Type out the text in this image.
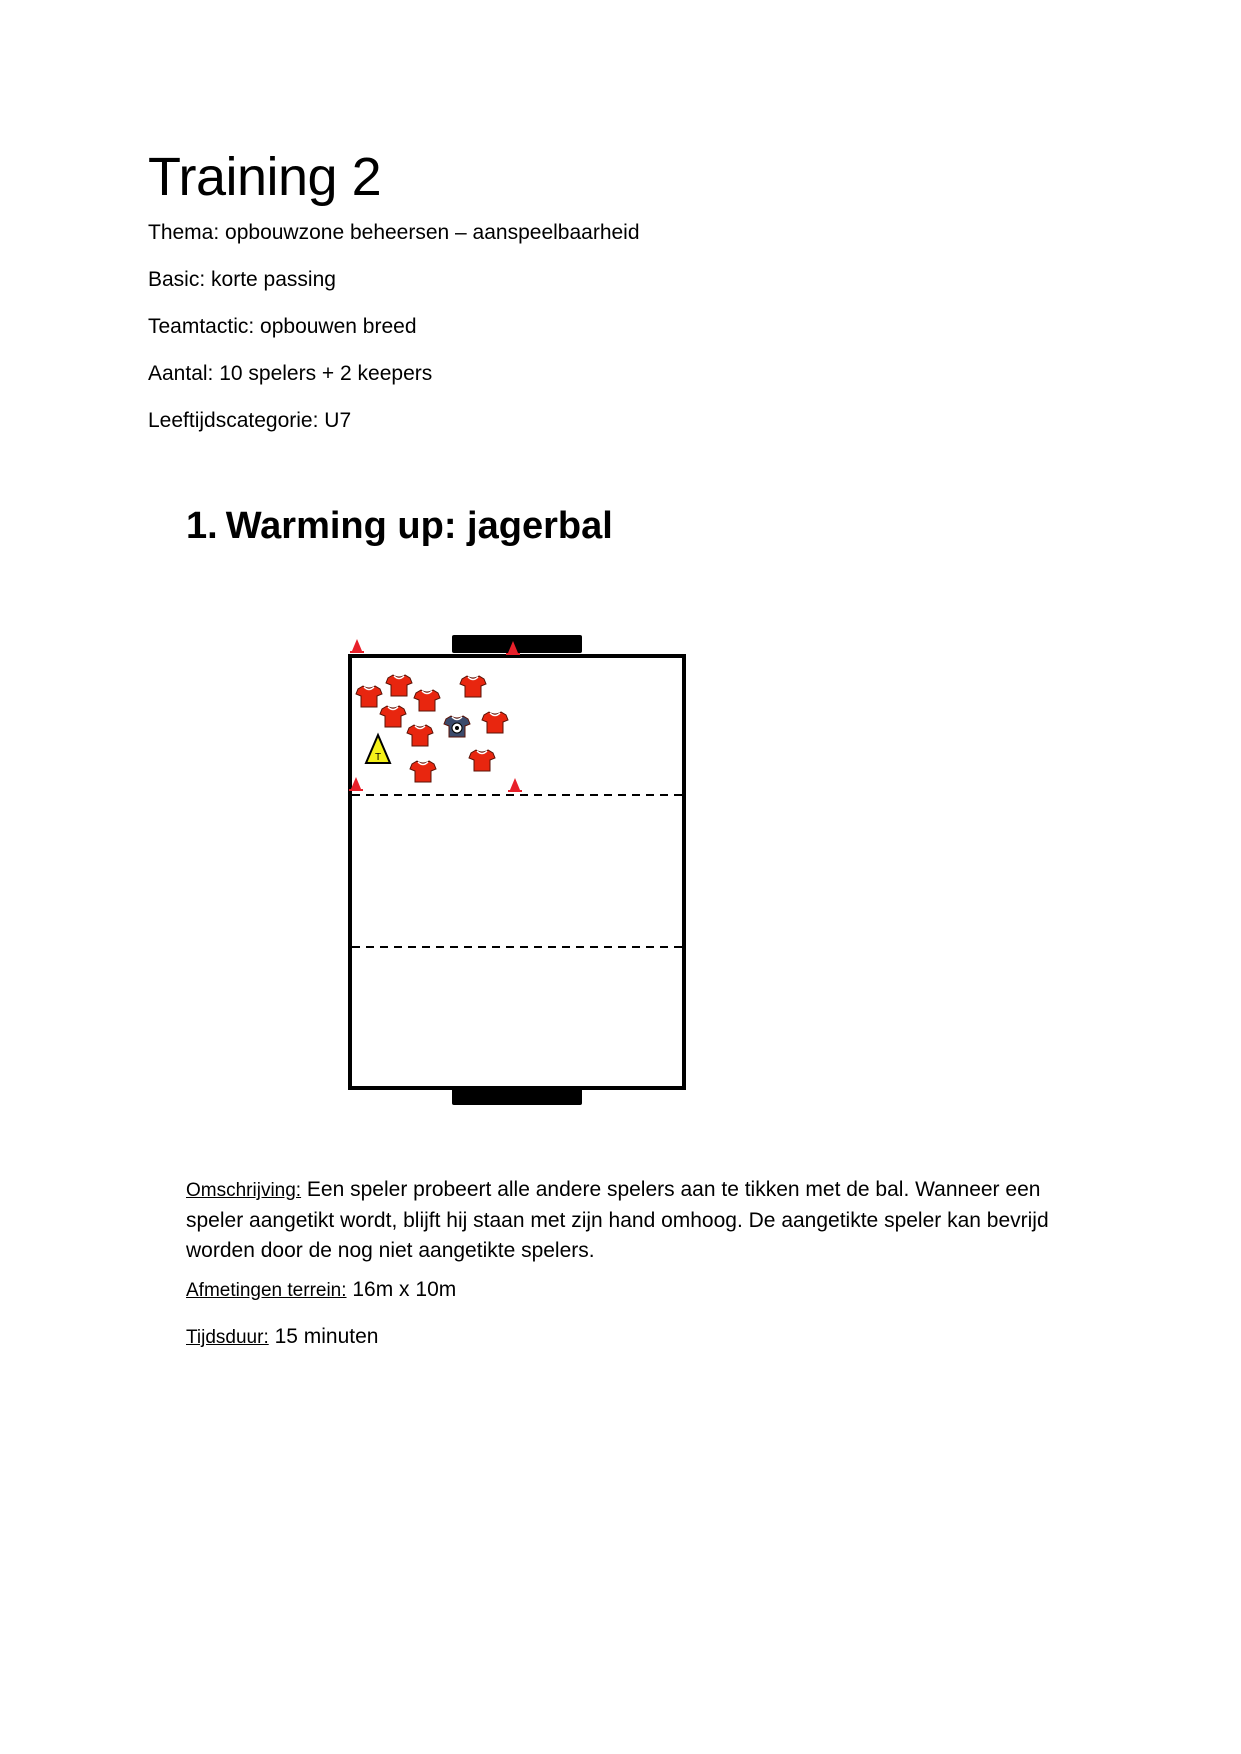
Training 2

Thema: opbouwzone beheersen – aanspeelbaarheid

Basic: korte passing

Teamtactic: opbouwen breed

Aantal: 10 spelers + 2 keepers

Leeftijdscategorie: U7

1. Warming up: jagerbal
T

Omschrijving: Een speler probeert alle andere spelers aan te tikken met de bal. Wanneer een speler aangetikt wordt, blijft hij staan met zijn hand omhoog. De aangetikte speler kan bevrijd worden door de nog niet aangetikte spelers.

Afmetingen terrein: 16m x 10m

Tijdsduur: 15 minuten
